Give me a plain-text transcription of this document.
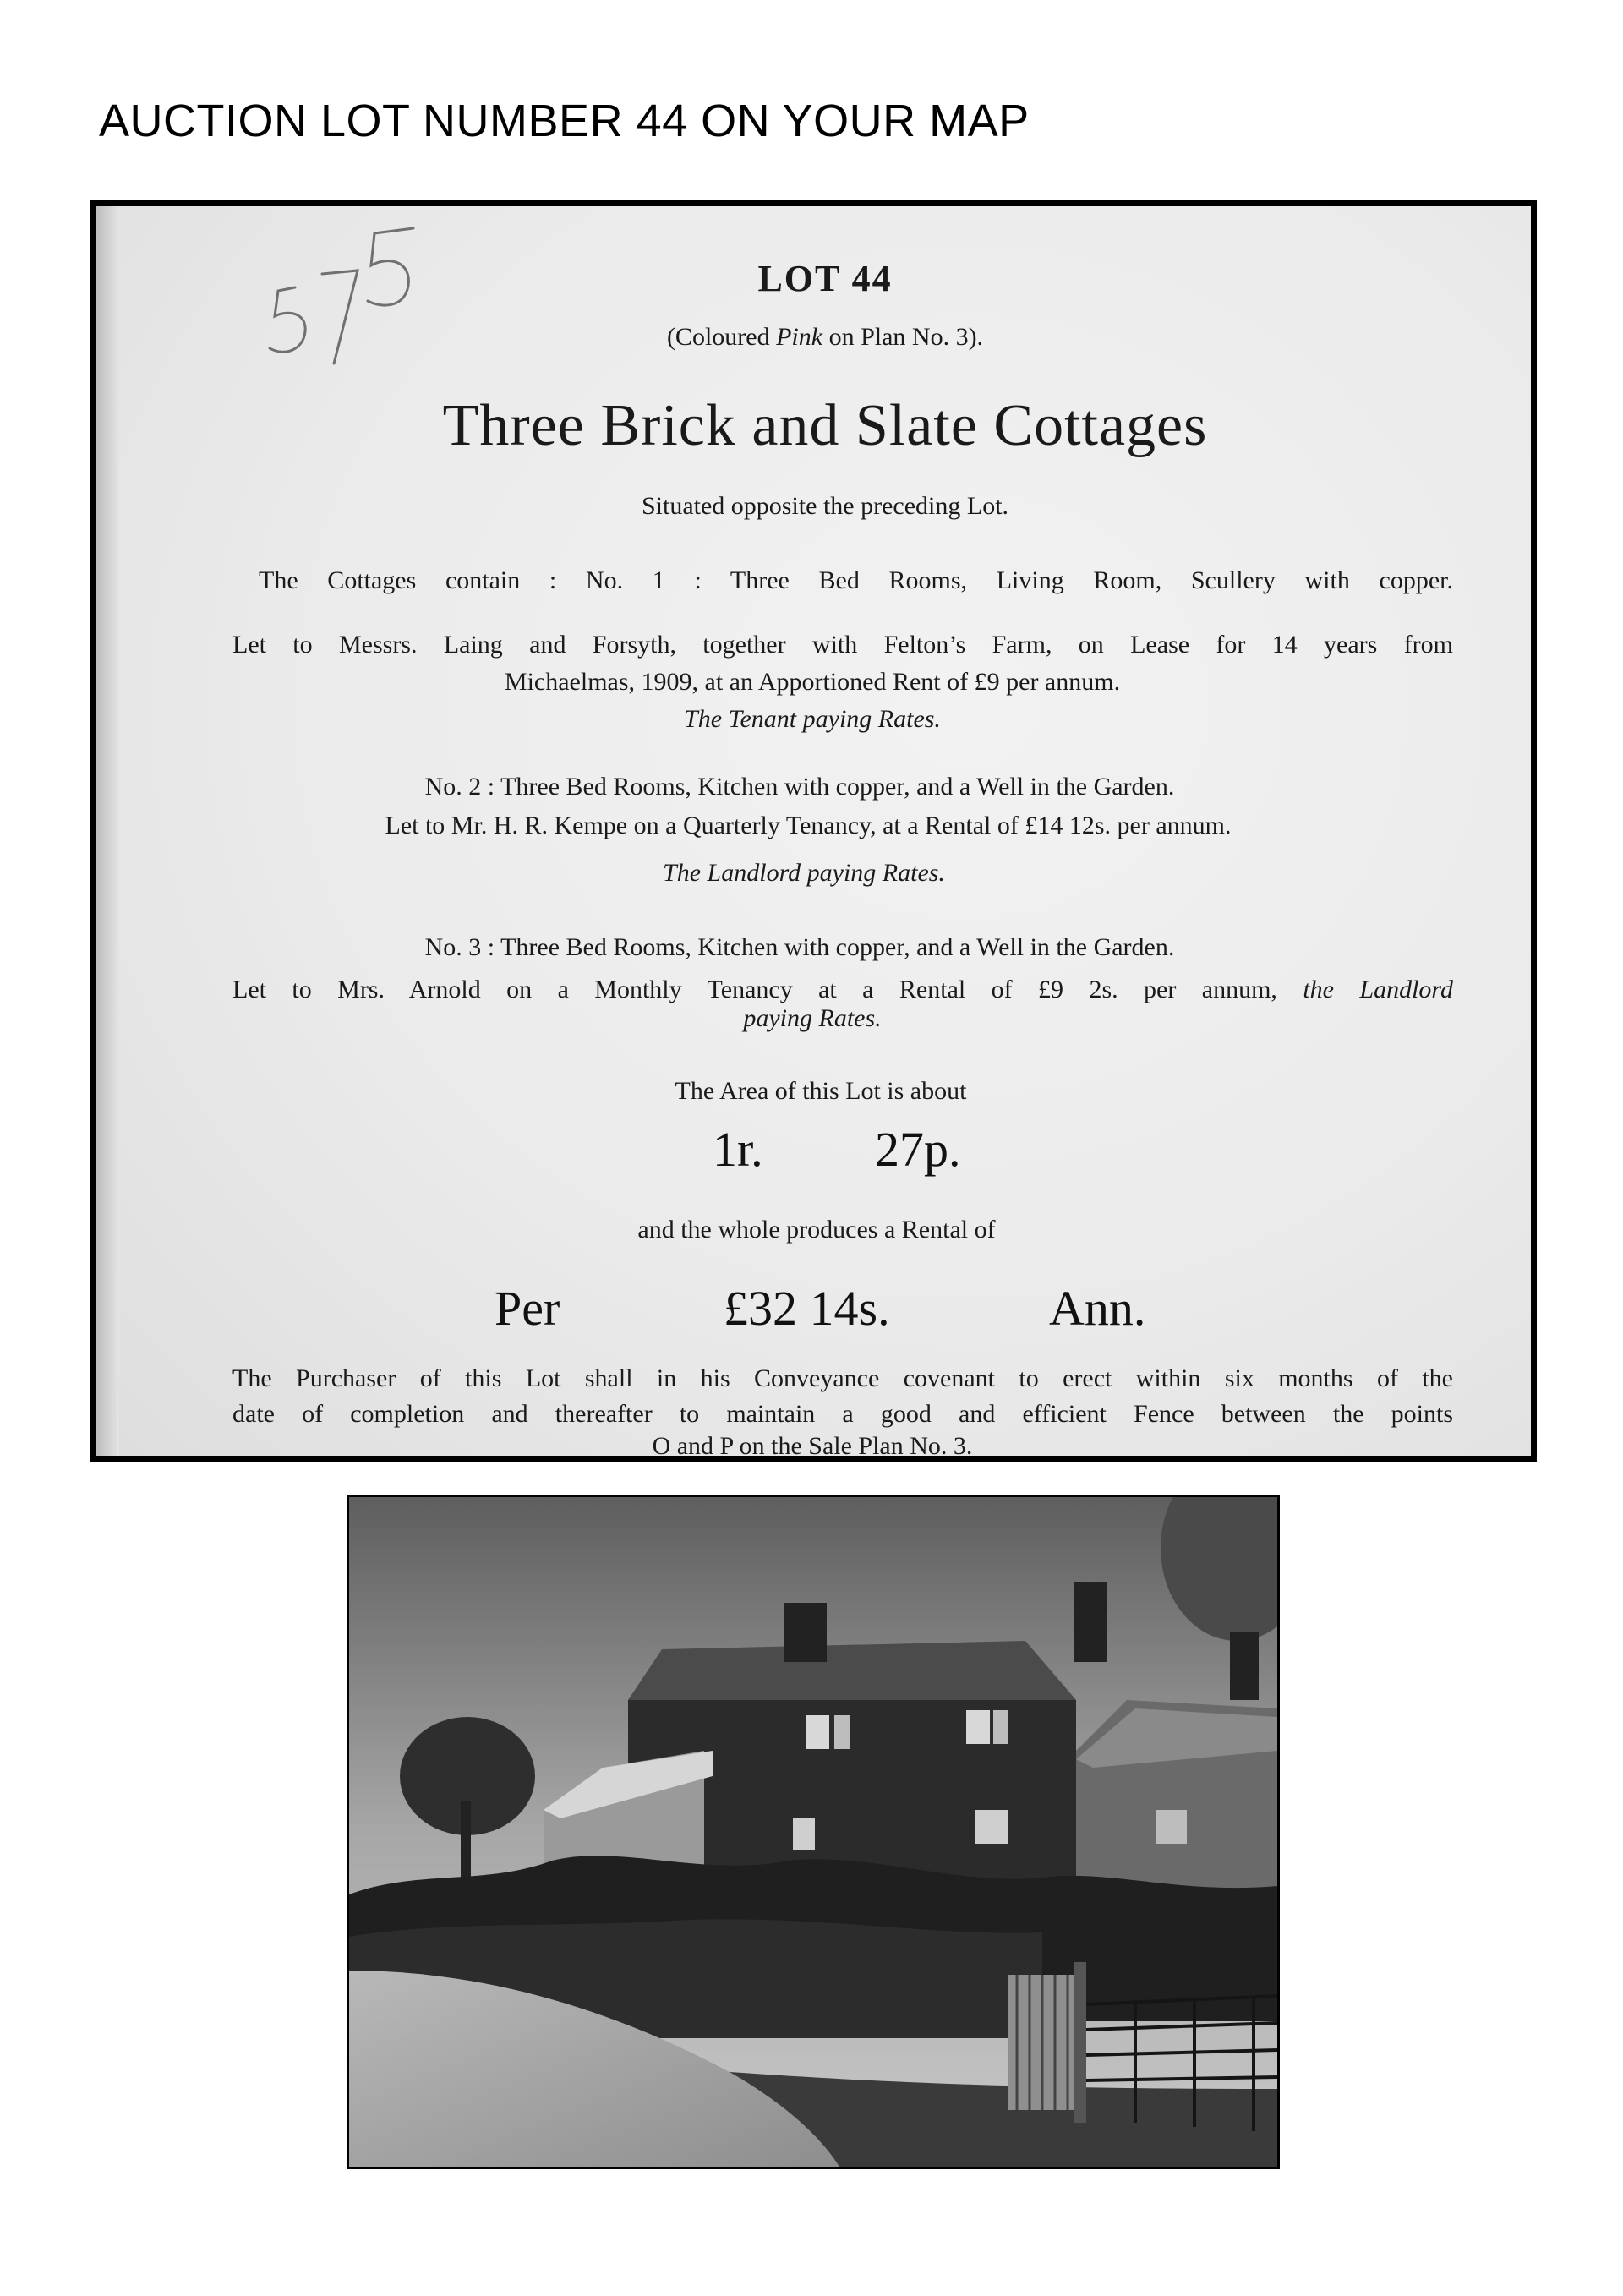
AUCTION LOT NUMBER 44 ON YOUR MAP
LOT 44
(Coloured Pink on Plan No. 3).
Three Brick and Slate Cottages
Situated opposite the preceding Lot.
The Cottages contain : No. 1 : Three Bed Rooms, Living Room, Scullery with copper.
Let to Messrs. Laing and Forsyth, together with Felton’s Farm, on Lease for 14 years from
Michaelmas, 1909, at an Apportioned Rent of £9 per annum.
The Tenant paying Rates.
No. 2 : Three Bed Rooms, Kitchen with copper, and a Well in the Garden.
Let to Mr. H. R. Kempe on a Quarterly Tenancy, at a Rental of £14 12s. per annum.
The Landlord paying Rates.
No. 3 : Three Bed Rooms, Kitchen with copper, and a Well in the Garden.
Let to Mrs. Arnold on a Monthly Tenancy at a Rental of £9 2s. per annum, the Landlord
paying Rates.
The Area of this Lot is about
1r. 27p.
and the whole produces a Rental of
Per	£32 14s.	Ann.
The Purchaser of this Lot shall in his Conveyance covenant to erect within six months of the
date of completion and thereafter to maintain a good and efficient Fence between the points
O and P on the Sale Plan No. 3.
